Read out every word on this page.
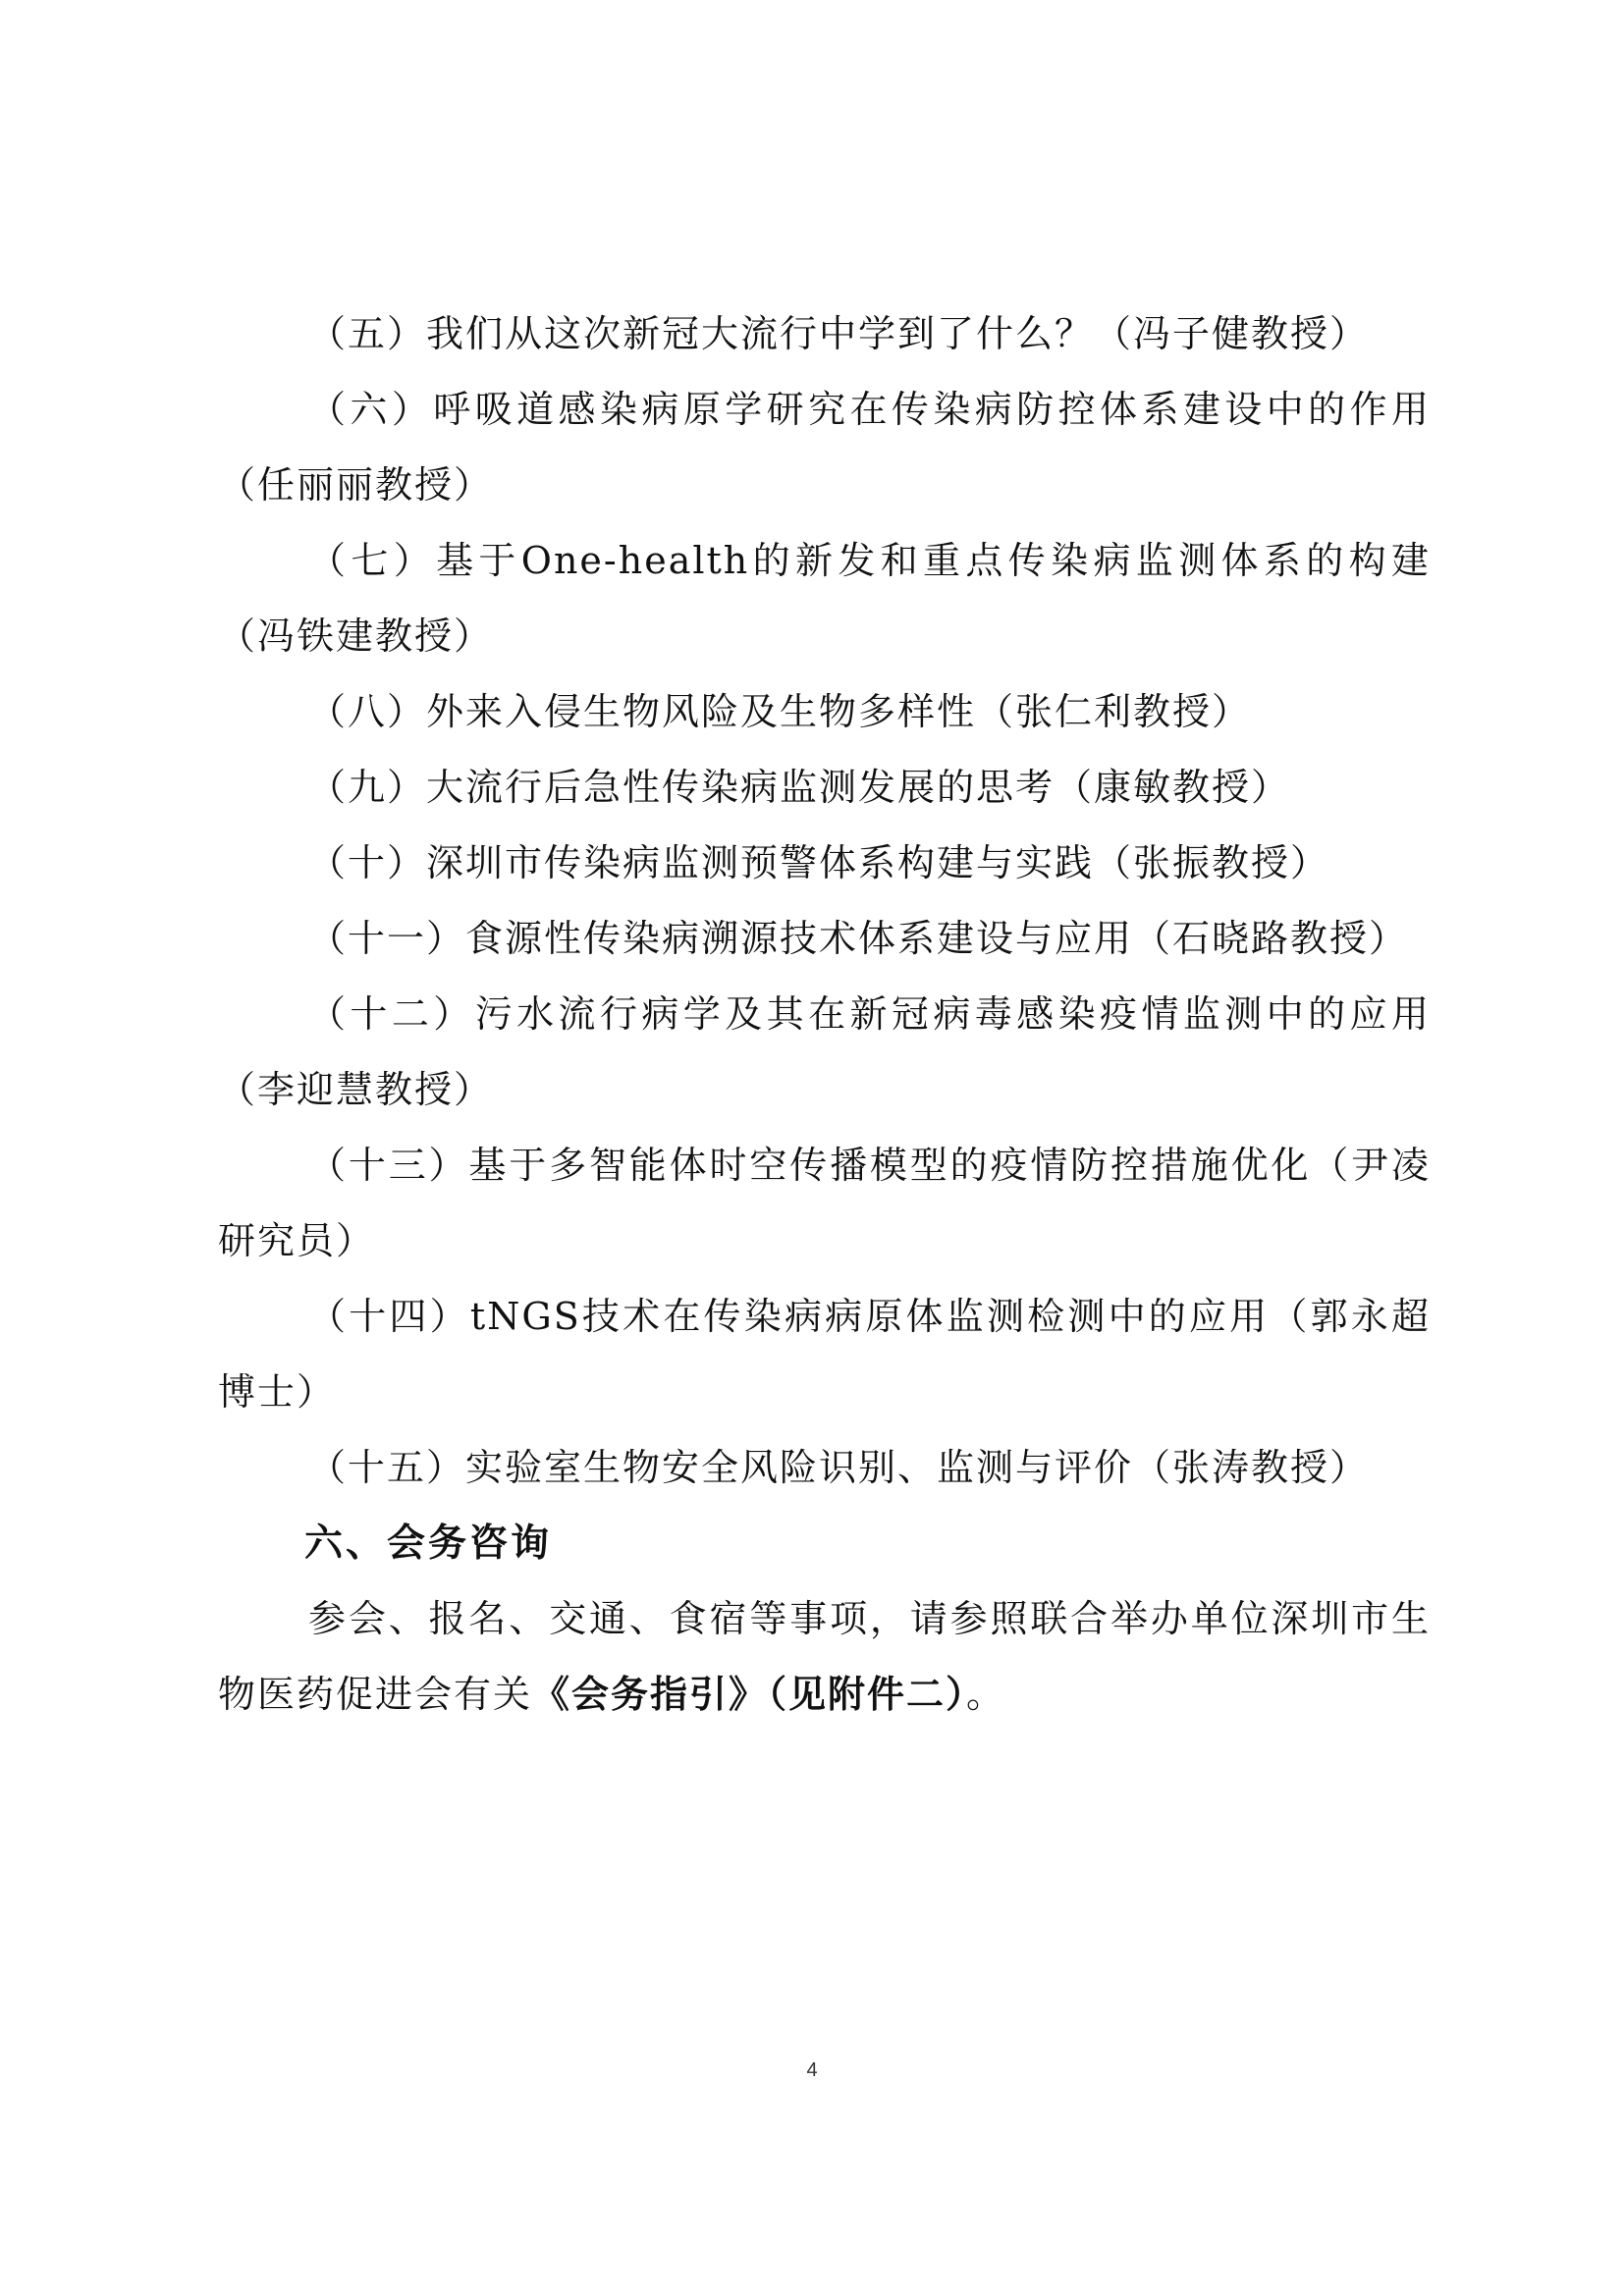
（五）我们从这次新冠大流行中学到了什么？（冯子健教授）

（六）呼吸道感染病原学研究在传染病防控体系建设中的作用（任丽丽教授）

（七）基于One-health的新发和重点传染病监测体系的构建（冯铁建教授）

（八）外来入侵生物风险及生物多样性（张仁利教授）

（九）大流行后急性传染病监测发展的思考（康敏教授）

（十）深圳市传染病监测预警体系构建与实践（张振教授）

（十一）食源性传染病溯源技术体系建设与应用（石晓路教授）

（十二）污水流行病学及其在新冠病毒感染疫情监测中的应用（李迎慧教授）

（十三）基于多智能体时空传播模型的疫情防控措施优化（尹凌研究员）

（十四）tNGS技术在传染病病原体监测检测中的应用（郭永超博士）

（十五）实验室生物安全风险识别、监测与评价（张涛教授）

六、会务咨询

参会、报名、交通、食宿等事项，请参照联合举办单位深圳市生物医药促进会有关《会务指引》（见附件二）。

4
